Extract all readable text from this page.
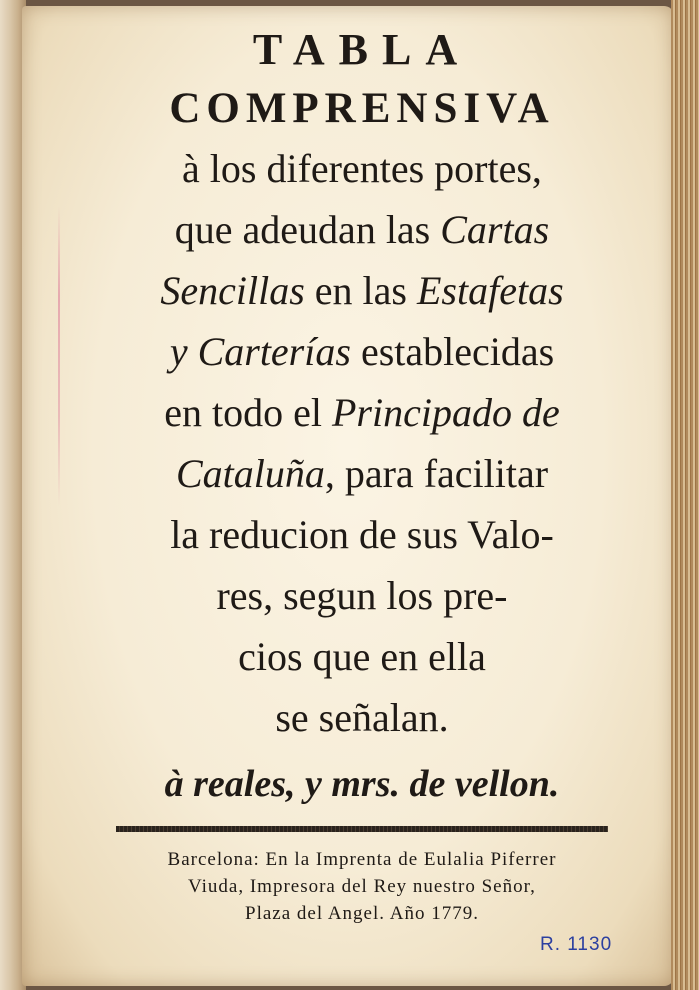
TABLA
COMPRENSIVA
à los diferentes portes,
que adeudan las Cartas
Sencillas en las Estafetas
y Carterías establecidas
en todo el Principado de
Cataluña, para facilitar
la reducion de sus Valo-
res, segun los pre-
cios que en ella
se señalan.
à reales, y mrs. de vellon.
Barcelona: En la Imprenta de Eulalia Piferrer
Viuda, Impresora del Rey nuestro Señor,
Plaza del Angel. Año 1779.
R. 1130
